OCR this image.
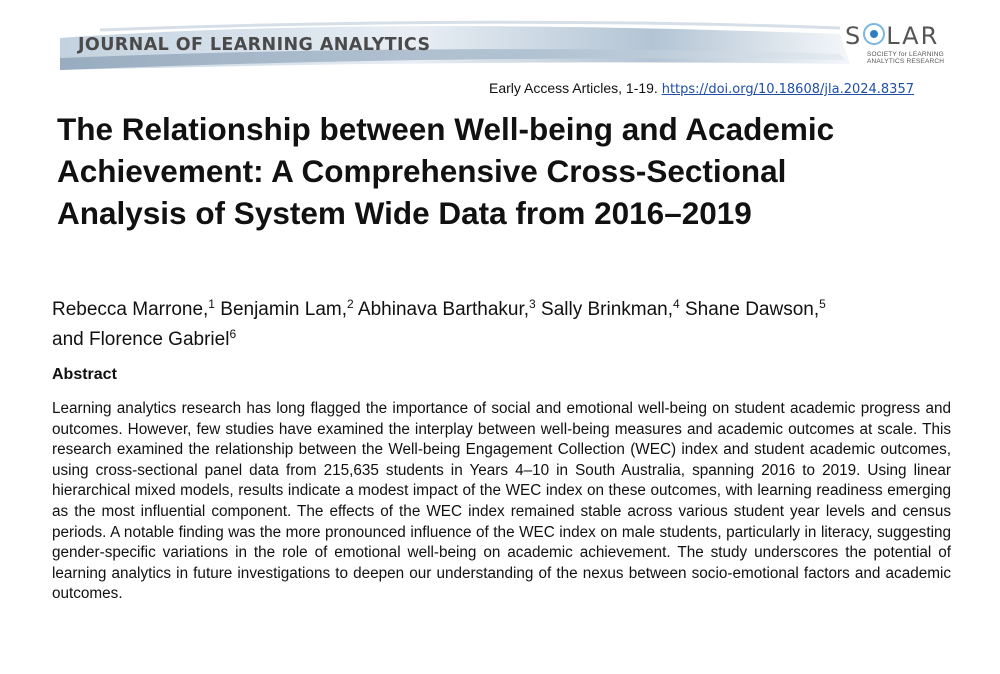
JOURNAL OF LEARNING ANALYTICS	S LAR
SOCIETY for LEARNING
ANALYTICS RESEARCH
Early Access Articles, 1-19. https://doi.org/10.18608/jla.2024.8357
The Relationship between Well-being and Academic Achievement: A Comprehensive Cross-Sectional Analysis of System Wide Data from 2016–2019
Rebecca Marrone,$^1$ Benjamin Lam,$^2$ Abhinava Barthakur,$^3$ Sally Brinkman,$^4$ Shane Dawson,$^5$
and Florence Gabriel$^6$
Abstract

Learning analytics research has long flagged the importance of social and emotional well-being on student academic progress and outcomes. However, few studies have examined the interplay between well-being measures and academic outcomes at scale. This research examined the relationship between the Well-being Engagement Collection (WEC) index and student academic outcomes, using cross-sectional panel data from 215,635 students in Years 4–10 in South Australia, spanning 2016 to 2019. Using linear hierarchical mixed models, results indicate a modest impact of the WEC index on these outcomes, with learning readiness emerging as the most influential component. The effects of the WEC index remained stable across various student year levels and census periods. A notable finding was the more pronounced influence of the WEC index on male students, particularly in literacy, suggesting gender-specific variations in the role of emotional well-being on academic achievement. The study underscores the potential of learning analytics in future investigations to deepen our understanding of the nexus between socio-emotional factors and academic outcomes.
